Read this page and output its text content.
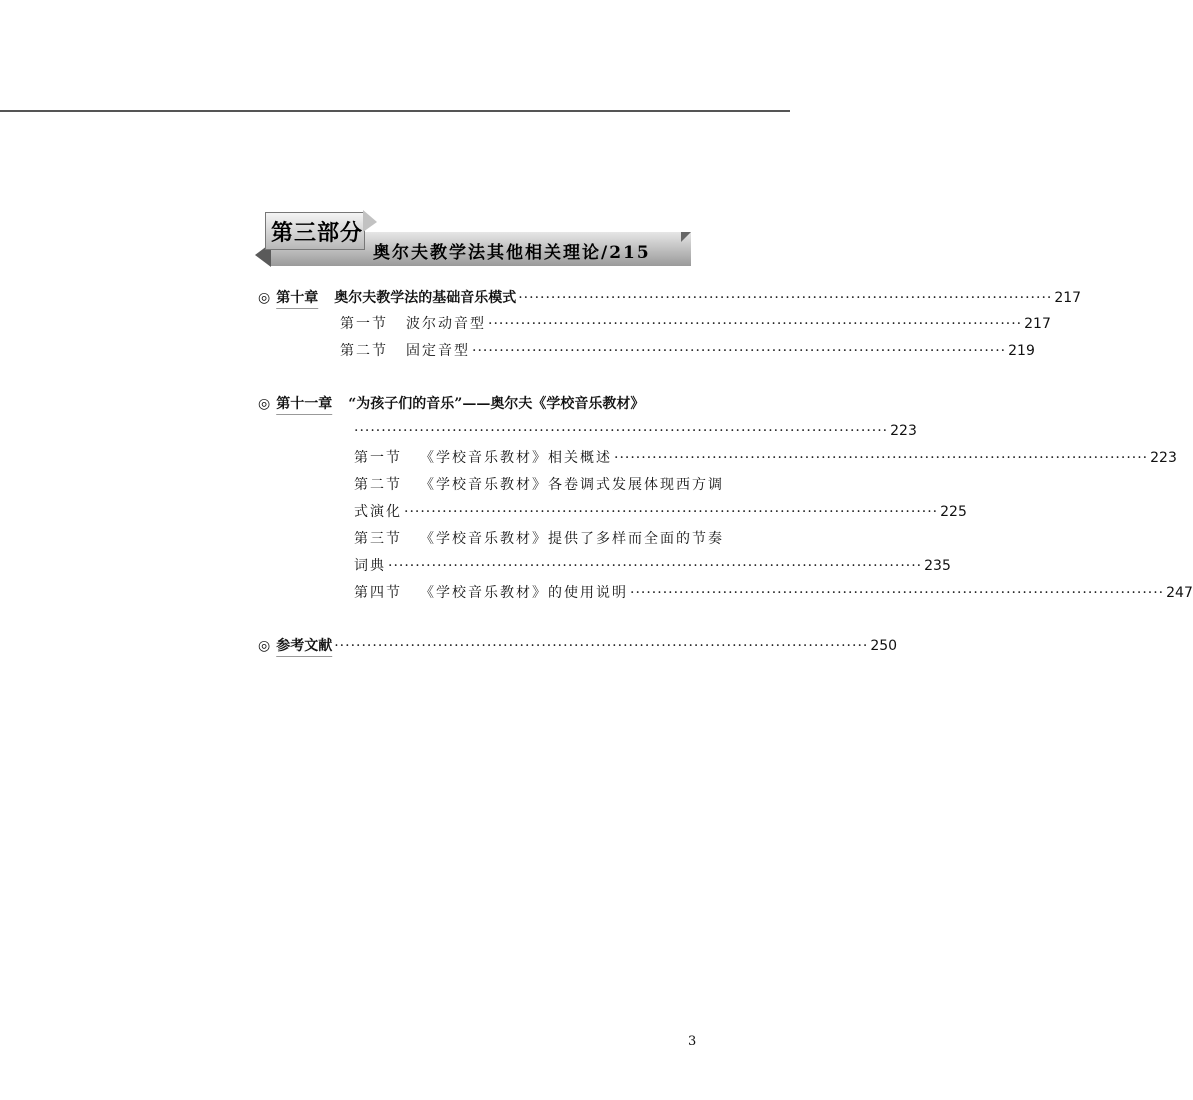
第三部分
奥尔夫教学法其他相关理论/215
◎ 第十章 奥尔夫教学法的基础音乐模式 ·································································································· 217
第一节 波尔动音型 ·································································································· 217
第二节 固定音型 ·································································································· 219
◎ 第十一章 “为孩子们的音乐”——奥尔夫《学校音乐教材》
·································································································· 223
第一节 《学校音乐教材》相关概述 ·································································································· 223
第二节 《学校音乐教材》各卷调式发展体现西方调
式演化 ·································································································· 225
第三节 《学校音乐教材》提供了多样而全面的节奏
词典 ·································································································· 235
第四节 《学校音乐教材》的使用说明 ·································································································· 247
◎ 参考文献 ·································································································· 250
3
